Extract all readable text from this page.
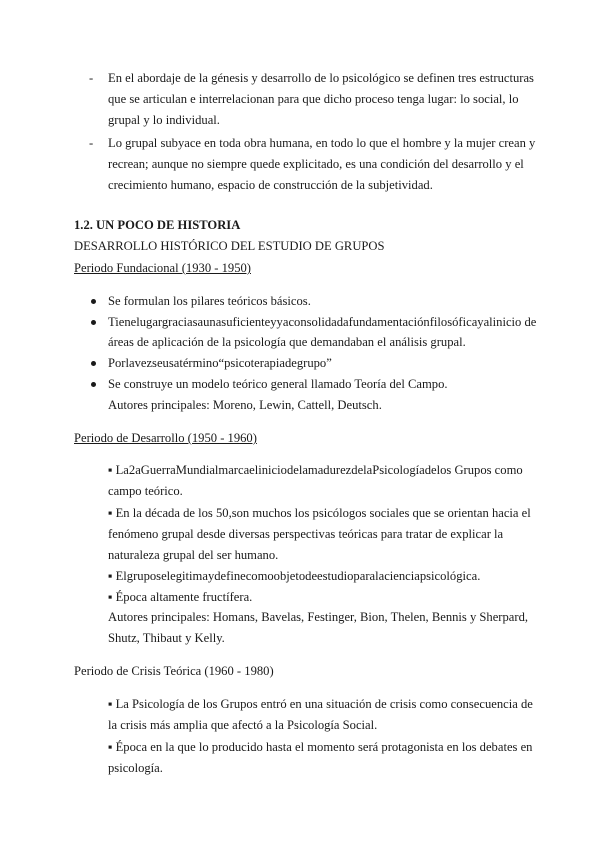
- En el abordaje de la génesis y desarrollo de lo psicológico se definen tres estructuras
que se articulan e interrelacionan para que dicho proceso tenga lugar: lo social, lo
grupal y lo individual.
- Lo grupal subyace en toda obra humana, en todo lo que el hombre y la mujer crean y
recrean; aunque no siempre quede explicitado, es una condición del desarrollo y el
crecimiento humano, espacio de construcción de la subjetividad.
1.2. UN POCO DE HISTORIA
DESARROLLO HISTÓRICO DEL ESTUDIO DE GRUPOS
Periodo Fundacional (1930 - 1950)
Se formulan los pilares teóricos básicos.
Tienelugargraciasaunasuficienteyyaconsolidadafundamentaciónfilosóficayalinicio de
áreas de aplicación de la psicología que demandaban el análisis grupal.
Porlavezseusatérmino“psicoterapiadegrupo”
Se construye un modelo teórico general llamado Teoría del Campo.
Autores principales: Moreno, Lewin, Cattell, Deutsch.
Periodo de Desarrollo (1950 - 1960)
▪ La2aGuerraMundialmarcaeliniciodelamadurezdelaPsicologíadelos Grupos como
campo teórico.
▪ En la década de los 50,son muchos los psicólogos sociales que se orientan hacia el
fenómeno grupal desde diversas perspectivas teóricas para tratar de explicar la
naturaleza grupal del ser humano.
▪ Elgruposelegitimaydefinecomoobjetodeestudioparalacienciapsicológica.
▪ Época altamente fructífera.
Autores principales: Homans, Bavelas, Festinger, Bion, Thelen, Bennis y Sherpard,
Shutz, Thibaut y Kelly.
Periodo de Crisis Teórica (1960 - 1980)
▪ La Psicología de los Grupos entró en una situación de crisis como consecuencia de
la crisis más amplia que afectó a la Psicología Social.
▪ Época en la que lo producido hasta el momento será protagonista en los debates en
psicología.
